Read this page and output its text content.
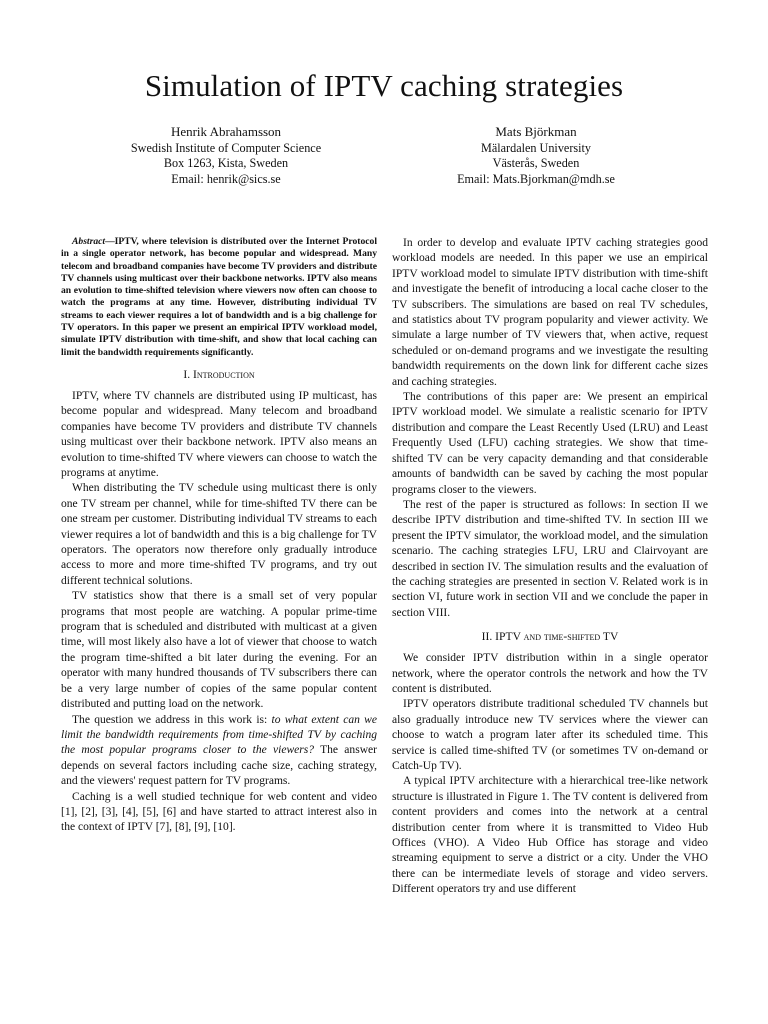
Simulation of IPTV caching strategies
Henrik Abrahamsson
Swedish Institute of Computer Science
Box 1263, Kista, Sweden
Email: henrik@sics.se
Mats Björkman
Mälardalen University
Västerås, Sweden
Email: Mats.Bjorkman@mdh.se

Abstract—IPTV, where television is distributed over the Internet Protocol in a single operator network, has become popular and widespread. Many telecom and broadband companies have become TV providers and distribute TV channels using multicast over their backbone networks. IPTV also means an evolution to time-shifted television where viewers now often can choose to watch the programs at any time. However, distributing individual TV streams to each viewer requires a lot of bandwidth and is a big challenge for TV operators. In this paper we present an empirical IPTV workload model, simulate IPTV distribution with time-shift, and show that local caching can limit the bandwidth requirements significantly.

I. Introduction

IPTV, where TV channels are distributed using IP multicast, has become popular and widespread. Many telecom and broadband companies have become TV providers and distribute TV channels using multicast over their backbone network. IPTV also means an evolution to time-shifted TV where viewers can choose to watch the programs at anytime.

When distributing the TV schedule using multicast there is only one TV stream per channel, while for time-shifted TV there can be one stream per customer. Distributing individual TV streams to each viewer requires a lot of bandwidth and this is a big challenge for TV operators. The operators now therefore only gradually introduce access to more and more time-shifted TV programs, and try out different technical solutions.

TV statistics show that there is a small set of very popular programs that most people are watching. A popular prime-time program that is scheduled and distributed with multicast at a given time, will most likely also have a lot of viewer that choose to watch the program time-shifted a bit later during the evening. For an operator with many hundred thousands of TV subscribers there can be a very large number of copies of the same popular content distributed and putting load on the network.

The question we address in this work is: to what extent can we limit the bandwidth requirements from time-shifted TV by caching the most popular programs closer to the viewers? The answer depends on several factors including cache size, caching strategy, and the viewers' request pattern for TV programs.

Caching is a well studied technique for web content and video [1], [2], [3], [4], [5], [6] and have started to attract interest also in the context of IPTV [7], [8], [9], [10].

In order to develop and evaluate IPTV caching strategies good workload models are needed. In this paper we use an empirical IPTV workload model to simulate IPTV distribution with time-shift and investigate the benefit of introducing a local cache closer to the TV subscribers. The simulations are based on real TV schedules, and statistics about TV program popularity and viewer activity. We simulate a large number of TV viewers that, when active, request scheduled or on-demand programs and we investigate the resulting bandwidth requirements on the down link for different cache sizes and caching strategies.

The contributions of this paper are: We present an empirical IPTV workload model. We simulate a realistic scenario for IPTV distribution and compare the Least Recently Used (LRU) and Least Frequently Used (LFU) caching strategies. We show that time-shifted TV can be very capacity demanding and that considerable amounts of bandwidth can be saved by caching the most popular programs closer to the viewers.

The rest of the paper is structured as follows: In section II we describe IPTV distribution and time-shifted TV. In section III we present the IPTV simulator, the workload model, and the simulation scenario. The caching strategies LFU, LRU and Clairvoyant are described in section IV. The simulation results and the evaluation of the caching strategies are presented in section V. Related work is in section VI, future work in section VII and we conclude the paper in section VIII.

II. IPTV and time-shifted TV

We consider IPTV distribution within in a single operator network, where the operator controls the network and how the TV content is distributed.

IPTV operators distribute traditional scheduled TV channels but also gradually introduce new TV services where the viewer can choose to watch a program later after its scheduled time. This service is called time-shifted TV (or sometimes TV on-demand or Catch-Up TV).

A typical IPTV architecture with a hierarchical tree-like network structure is illustrated in Figure 1. The TV content is delivered from content providers and comes into the network at a central distribution center from where it is transmitted to Video Hub Offices (VHO). A Video Hub Office has storage and video streaming equipment to serve a district or a city. Under the VHO there can be intermediate levels of storage and video servers. Different operators try and use different
